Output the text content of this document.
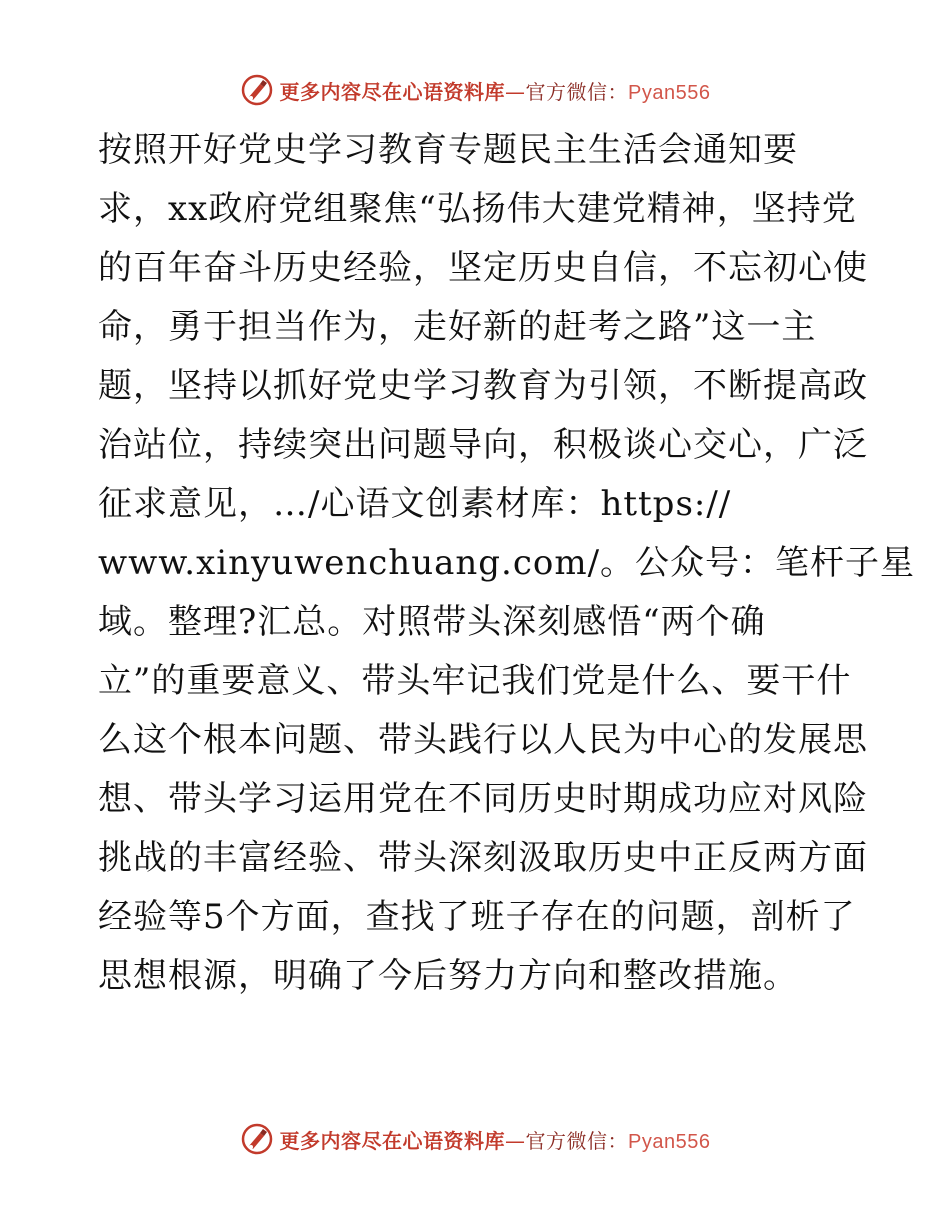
更多内容尽在心语资料库—官方微信：Pyan556
按照开好党史学习教育专题民主生活会通知要
求，xx政府党组聚焦“弘扬伟大建党精神，坚持党
的百年奋斗历史经验，坚定历史自信，不忘初心使
命，勇于担当作为，走好新的赶考之路”这一主
题，坚持以抓好党史学习教育为引领，不断提高政
治站位，持续突出问题导向，积极谈心交心，广泛
征求意见，…/心语文创素材库：https://
www.xinyuwenchuang.com/。公众号：笔杆子星
域。整理?汇总。对照带头深刻感悟“两个确
立”的重要意义、带头牢记我们党是什么、要干什
么这个根本问题、带头践行以人民为中心的发展思
想、带头学习运用党在不同历史时期成功应对风险
挑战的丰富经验、带头深刻汲取历史中正反两方面
经验等5个方面，查找了班子存在的问题，剖析了
思想根源，明确了今后努力方向和整改措施。
更多内容尽在心语资料库—官方微信：Pyan556
